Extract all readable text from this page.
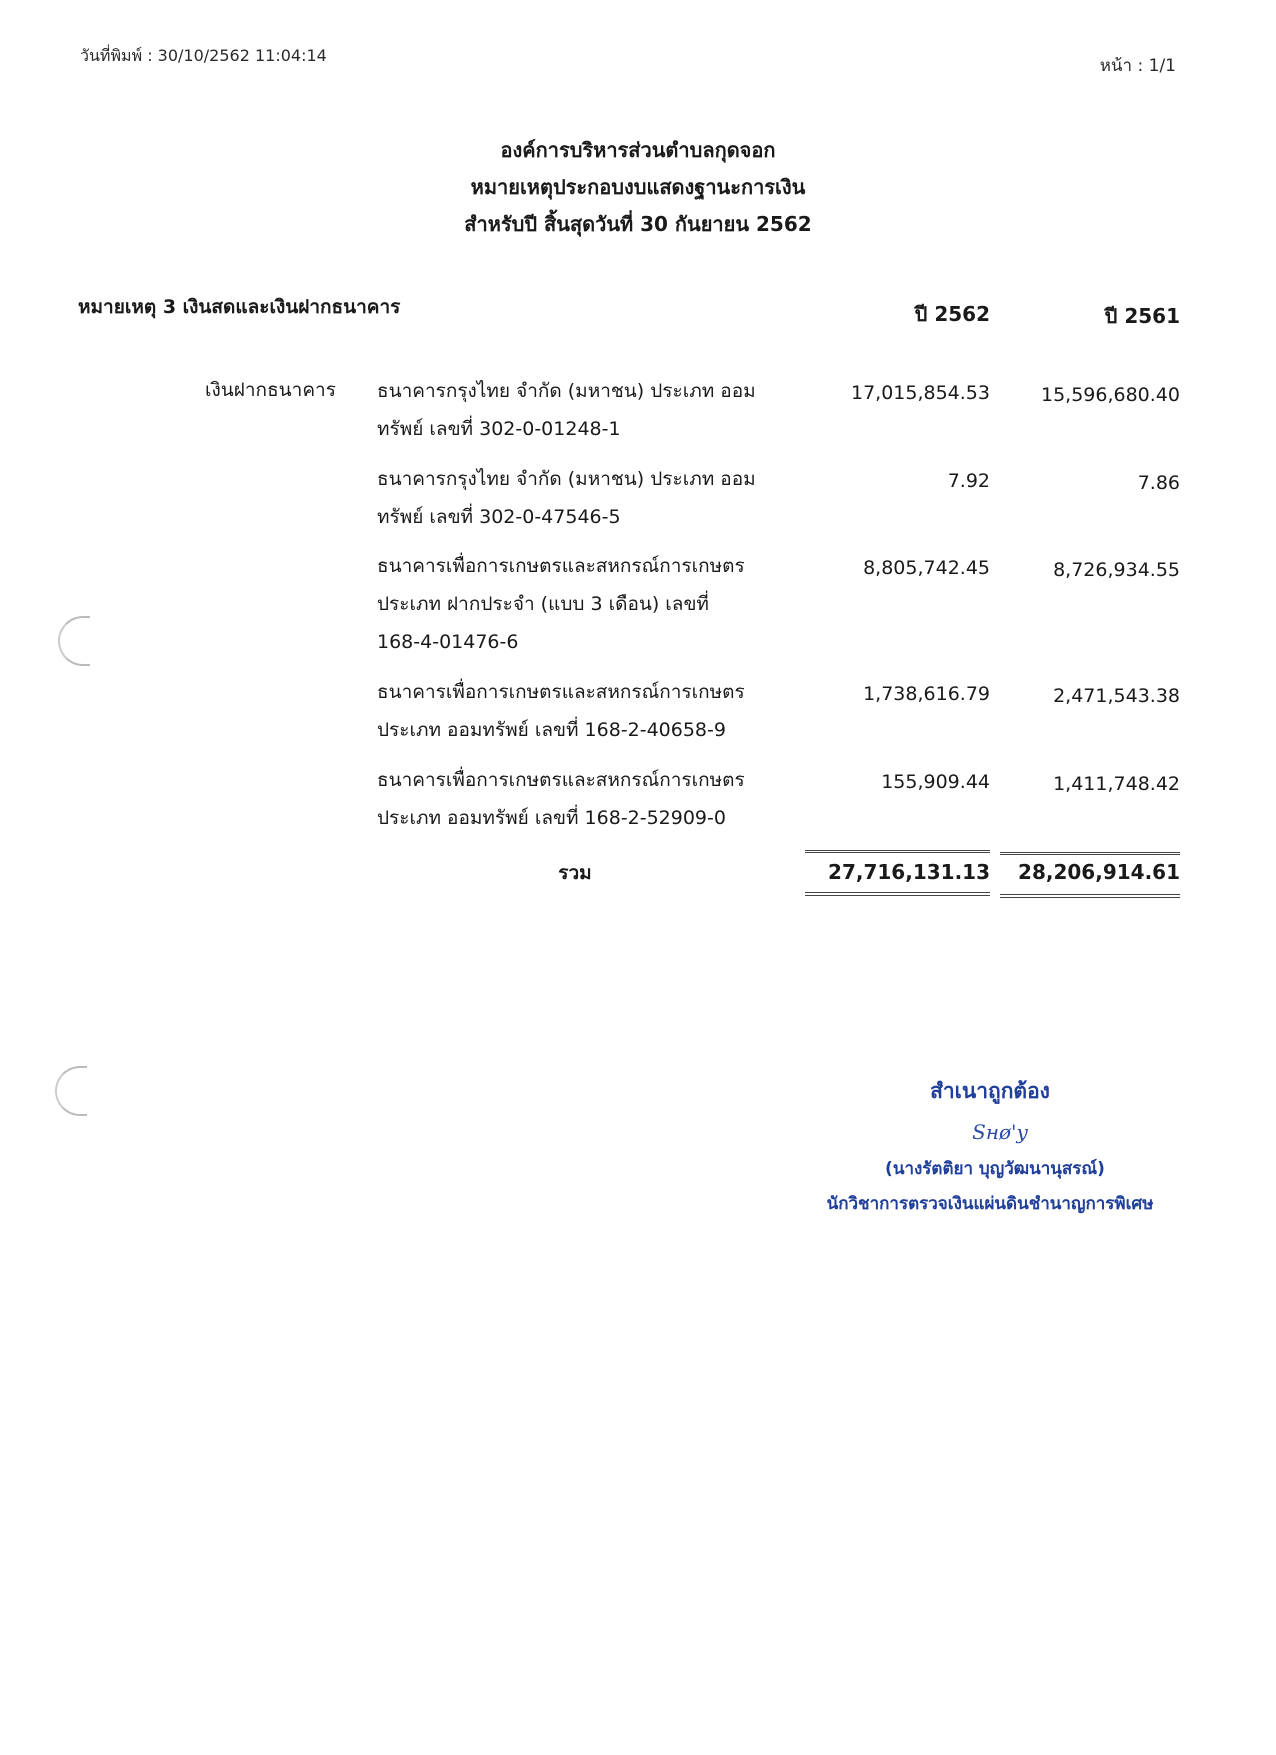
วันที่พิมพ์ : 30/10/2562 11:04:14
หน้า : 1/1
องค์การบริหารส่วนตำบลกุดจอก
หมายเหตุประกอบงบแสดงฐานะการเงิน
สำหรับปี สิ้นสุดวันที่ 30 กันยายน 2562
หมายเหตุ 3 เงินสดและเงินฝากธนาคาร	ปี 2562	ปี 2561
เงินฝากธนาคาร ธนาคารกรุงไทย จำกัด (มหาชน) ประเภท ออม
ทรัพย์ เลขที่ 302-0-01248-1
17,015,854.53	15,596,680.40
ธนาคารกรุงไทย จำกัด (มหาชน) ประเภท ออม
ทรัพย์ เลขที่ 302-0-47546-5
7.92	7.86
ธนาคารเพื่อการเกษตรและสหกรณ์การเกษตร
ประเภท ฝากประจำ (แบบ 3 เดือน) เลขที่
168-4-01476-6
8,805,742.45	8,726,934.55
ธนาคารเพื่อการเกษตรและสหกรณ์การเกษตร
ประเภท ออมทรัพย์ เลขที่ 168-2-40658-9
1,738,616.79	2,471,543.38
ธนาคารเพื่อการเกษตรและสหกรณ์การเกษตร
ประเภท ออมทรัพย์ เลขที่ 168-2-52909-0
155,909.44	1,411,748.42
รวม	27,716,131.13	28,206,914.61
สำเนาถูกต้อง
Sнø'y
(นางรัตติยา บุญวัฒนานุสรณ์)
นักวิชาการตรวจเงินแผ่นดินชำนาญการพิเศษ
